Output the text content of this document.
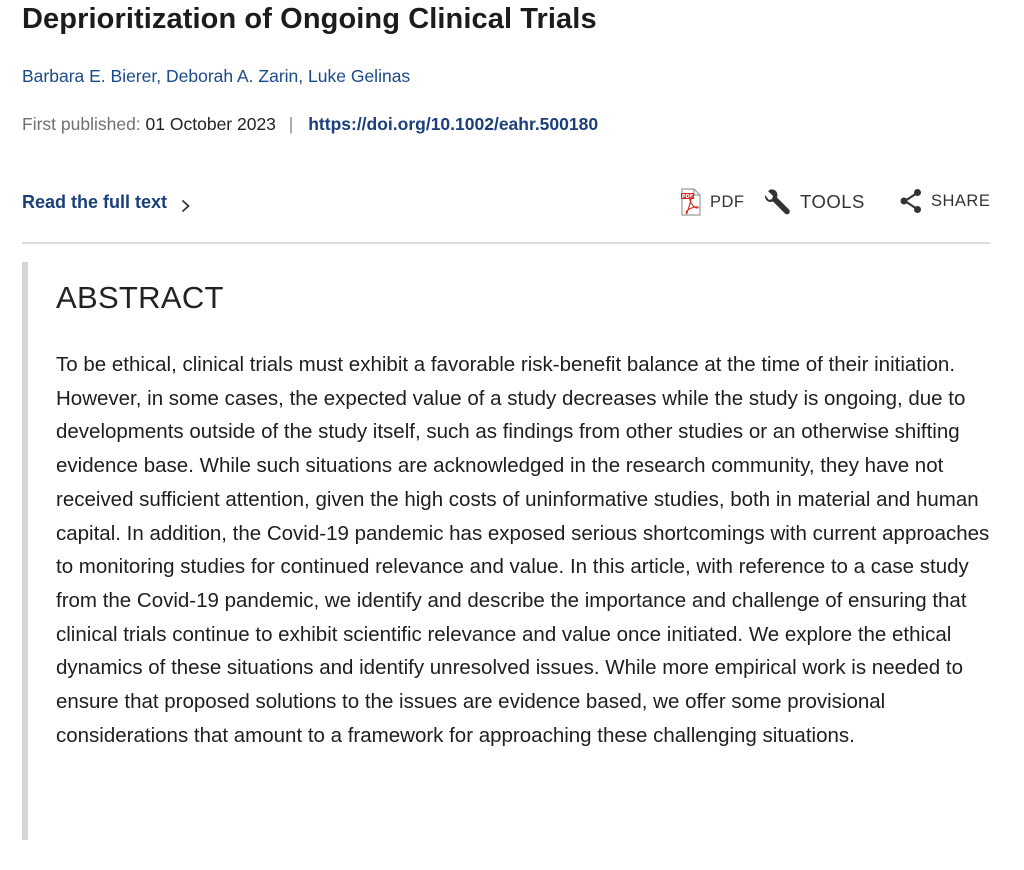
Deprioritization of Ongoing Clinical Trials
Barbara E. Bierer, Deborah A. Zarin, Luke Gelinas
First published: 01 October 2023 | https://doi.org/10.1002/eahr.500180
Read the full text	PDF PDF	TOOLS	SHARE
ABSTRACT

To be ethical, clinical trials must exhibit a favorable risk-benefit balance at the time of their initiation. However, in some cases, the expected value of a study decreases while the study is ongoing, due to developments outside of the study itself, such as findings from other studies or an otherwise shifting evidence base. While such situations are acknowledged in the research community, they have not received sufficient attention, given the high costs of uninformative studies, both in material and human capital. In addition, the Covid-19 pandemic has exposed serious shortcomings with current approaches to monitoring studies for continued relevance and value. In this article, with reference to a case study from the Covid-19 pandemic, we identify and describe the importance and challenge of ensuring that clinical trials continue to exhibit scientific relevance and value once initiated. We explore the ethical dynamics of these situations and identify unresolved issues. While more empirical work is needed to ensure that proposed solutions to the issues are evidence based, we offer some provisional considerations that amount to a framework for approaching these challenging situations.
